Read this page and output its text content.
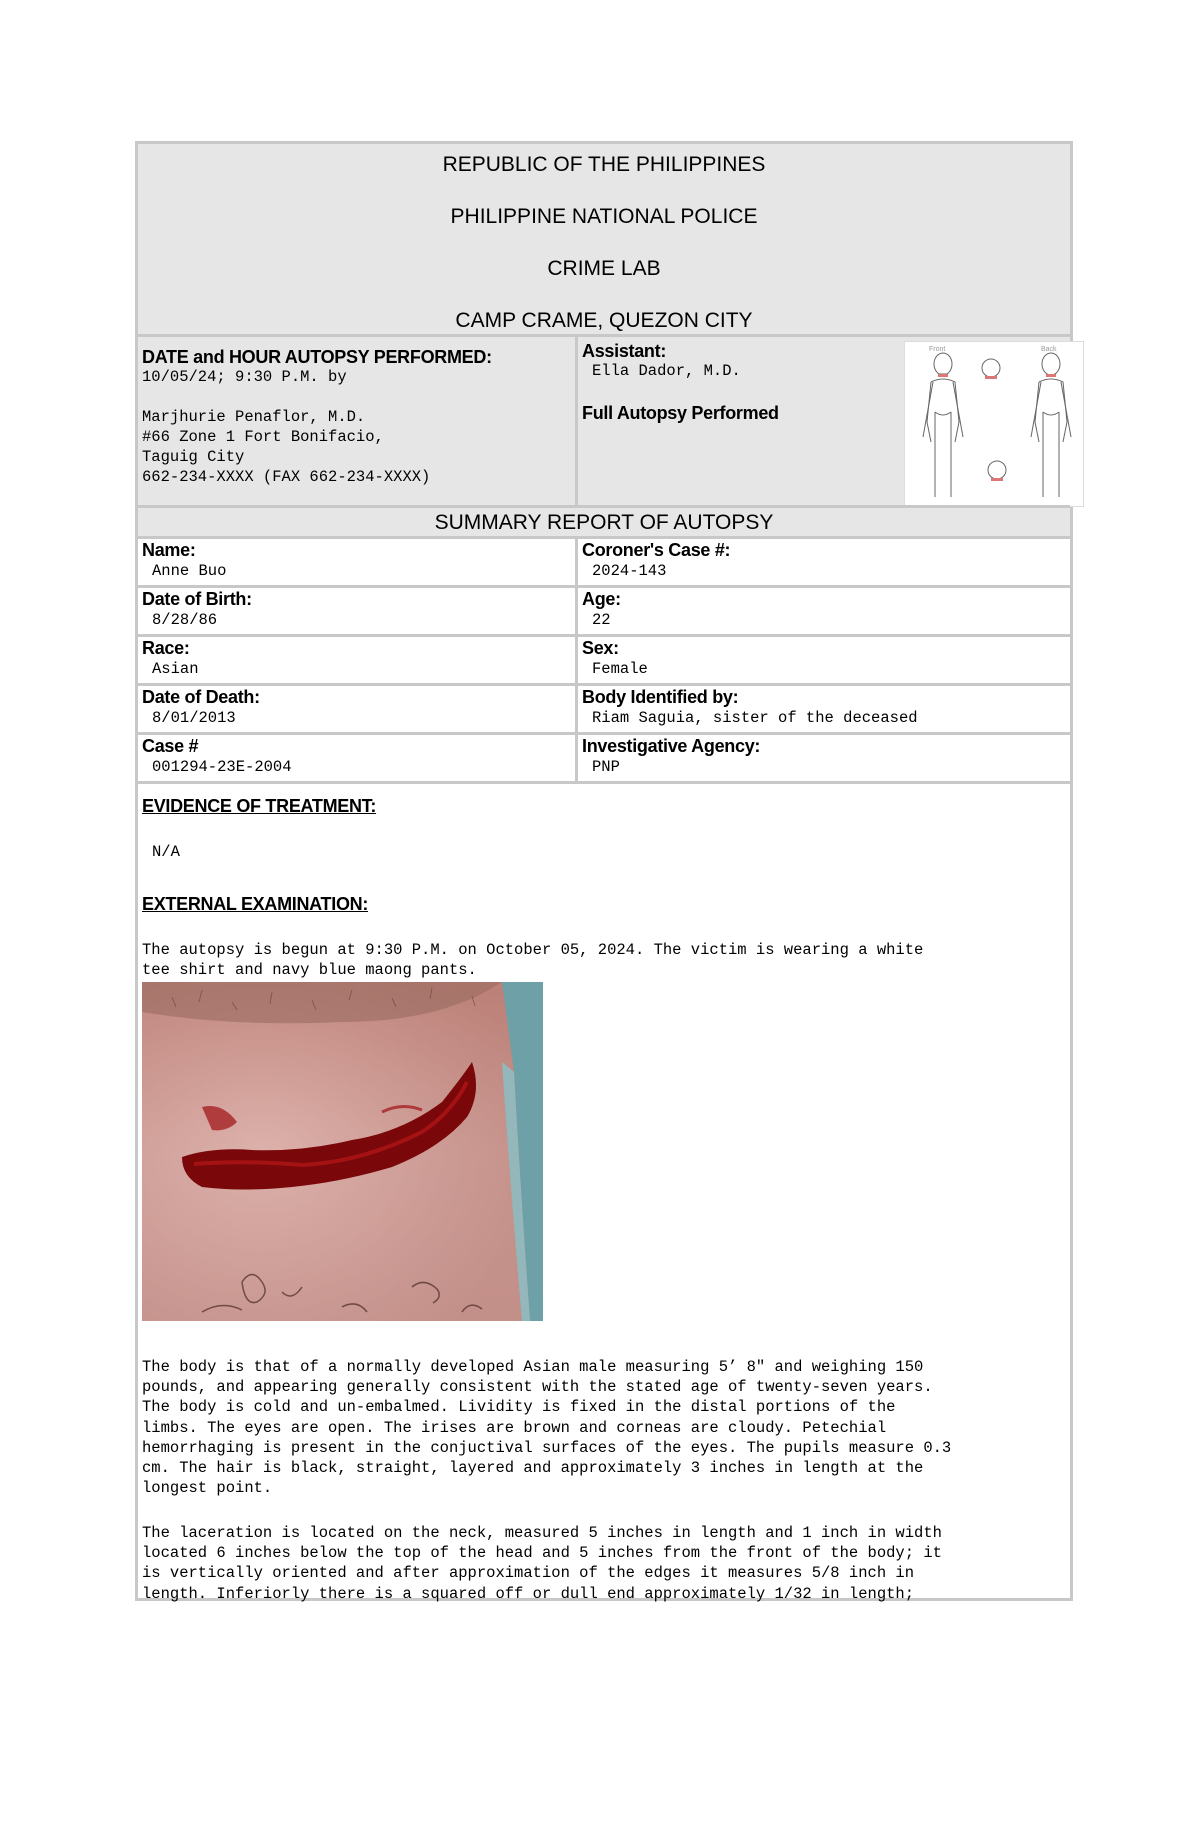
REPUBLIC OF THE PHILIPPINES
PHILIPPINE NATIONAL POLICE
CRIME LAB
CAMP CRAME, QUEZON CITY
DATE and HOUR AUTOPSY PERFORMED:
10/05/24; 9:30 P.M. by
Marjhurie Penaflor, M.D.
#66 Zone 1 Fort Bonifacio,
Taguig City
662-234-XXXX (FAX 662-234-XXXX)
Assistant:
Ella Dador, M.D.
Full Autopsy Performed
Front	Back
SUMMARY REPORT OF AUTOPSY
Name:
Anne Buo
Coroner's Case #:
2024-143
Date of Birth:
8/28/86
Age:
22
Race:
Asian
Sex:
Female
Date of Death:
8/01/2013
Body Identified by:
Riam Saguia, sister of the deceased
Case #
001294-23E-2004
Investigative Agency:
PNP
EVIDENCE OF TREATMENT:
N/A
EXTERNAL EXAMINATION:
The autopsy is begun at 9:30 P.M. on October 05, 2024. The victim is wearing a white
tee shirt and navy blue maong pants.
The body is that of a normally developed Asian male measuring 5’ 8″ and weighing 150
pounds, and appearing generally consistent with the stated age of twenty-seven years.
The body is cold and un-embalmed. Lividity is fixed in the distal portions of the
limbs. The eyes are open. The irises are brown and corneas are cloudy. Petechial
hemorrhaging is present in the conjuctival surfaces of the eyes. The pupils measure 0.3
cm. The hair is black, straight, layered and approximately 3 inches in length at the
longest point.
The laceration is located on the neck, measured 5 inches in length and 1 inch in width
located 6 inches below the top of the head and 5 inches from the front of the body; it
is vertically oriented and after approximation of the edges it measures 5/8 inch in
length. Inferiorly there is a squared off or dull end approximately 1/32 in length;
